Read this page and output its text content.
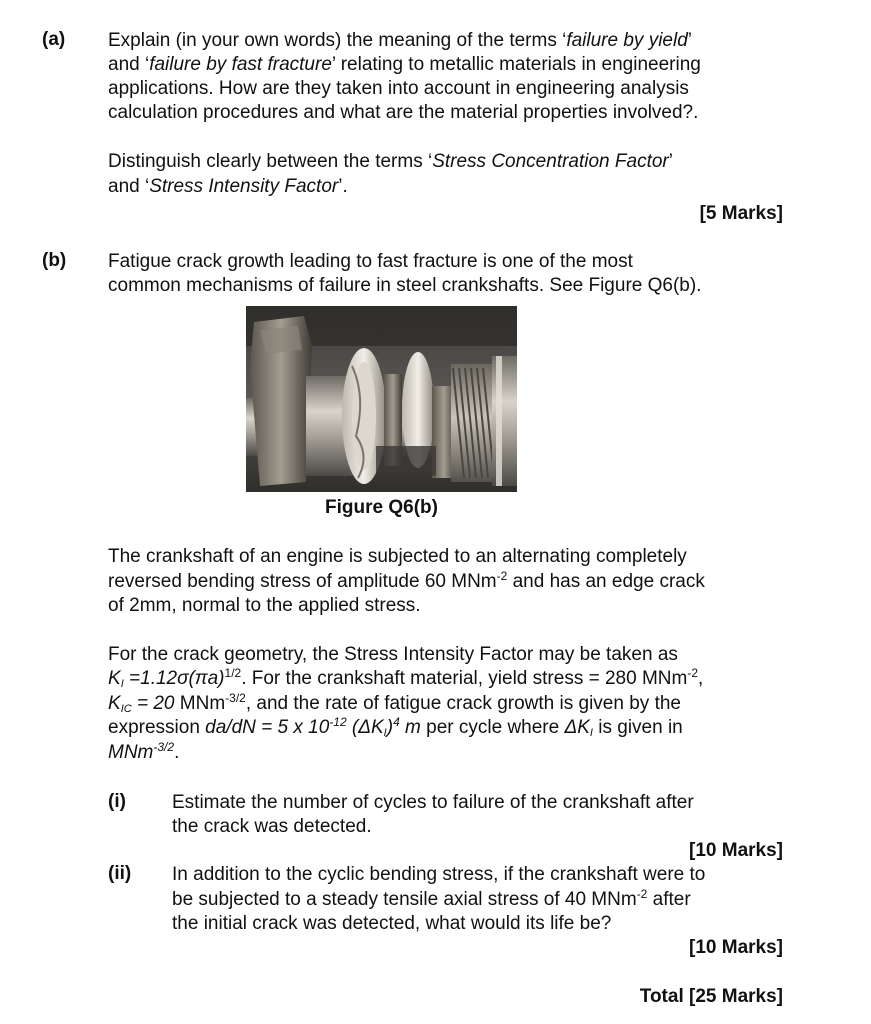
(a) Explain (in your own words) the meaning of the terms ‘failure by yield’
and ‘failure by fast fracture’ relating to metallic materials in engineering
applications. How are they taken into account in engineering analysis
calculation procedures and what are the material properties involved?.
Distinguish clearly between the terms ‘Stress Concentration Factor’
and ‘Stress Intensity Factor’.
[5 Marks]
(b) Fatigue crack growth leading to fast fracture is one of the most
common mechanisms of failure in steel crankshafts. See Figure Q6(b).
Figure Q6(b)
The crankshaft of an engine is subjected to an alternating completely
reversed bending stress of amplitude 60 MNm$^{-2}$ and has an edge crack
of 2mm, normal to the applied stress.
For the crack geometry, the Stress Intensity Factor may be taken as
$K_I =1.12\sigma(\pi a)^{1/2}$. For the crankshaft material, yield stress = 280 MNm$^{-2}$,
$K_{IC} = 20$ MNm$^{-3/2}$, and the rate of fatigue crack growth is given by the
expression da/dN = 5 x $10^{-12}$ $(\Delta K_I)^4$ m per cycle where $\Delta K_I$ is given in
MNm$^{-3/2}$.
(i) Estimate the number of cycles to failure of the crankshaft after
the crack was detected.
[10 Marks]
(ii) In addition to the cyclic bending stress, if the crankshaft were to
be subjected to a steady tensile axial stress of 40 MNm$^{-2}$ after
the initial crack was detected, what would its life be?
[10 Marks]
Total [25 Marks]
